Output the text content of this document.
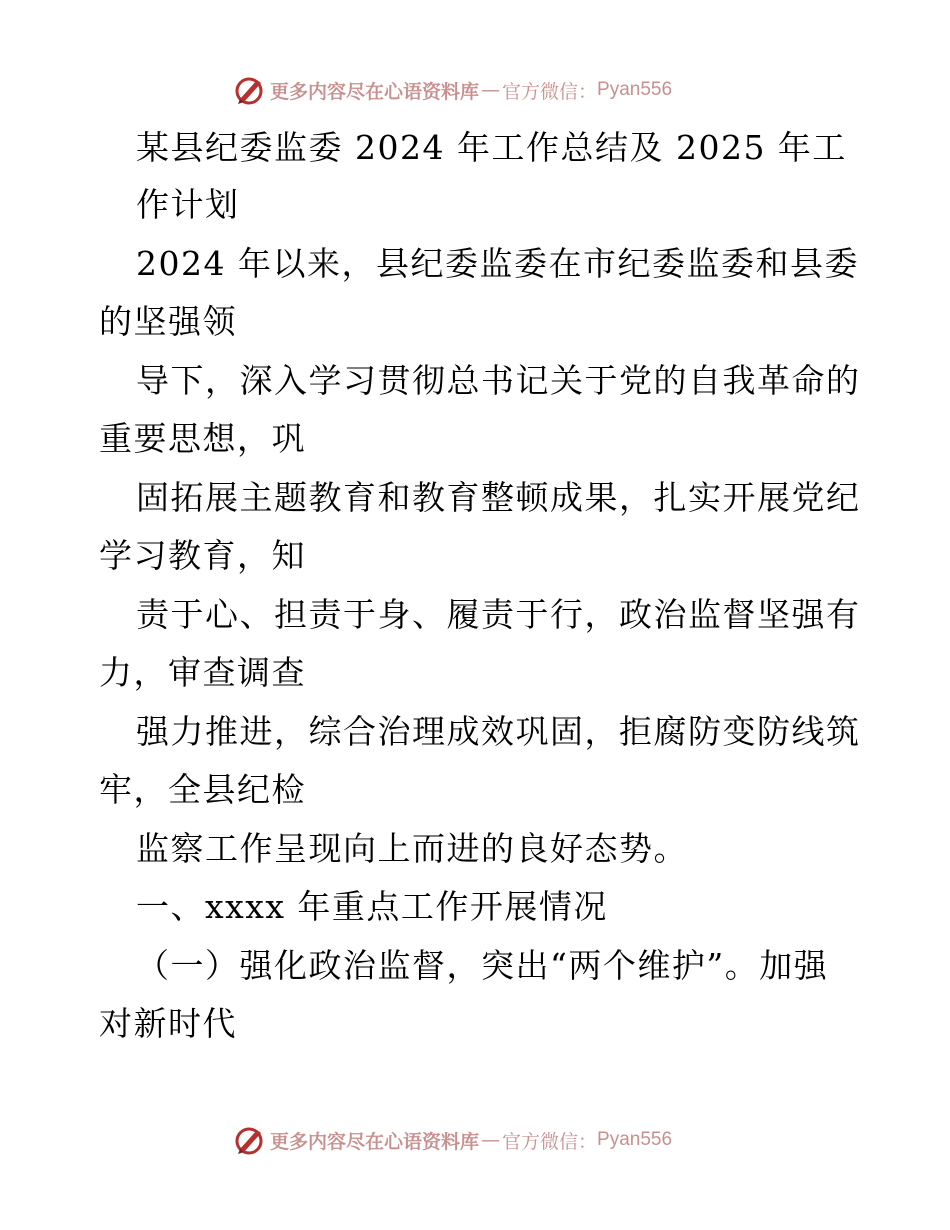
更多内容尽在心语资料库 — 官方微信： Pyan556
某县纪委监委 2024 年工作总结及 2025 年工
作计划
2024 年以来，县纪委监委在市纪委监委和县委
的坚强领
导下，深入学习贯彻总书记关于党的自我革命的
重要思想，巩
固拓展主题教育和教育整顿成果，扎实开展党纪
学习教育，知
责于心、担责于身、履责于行，政治监督坚强有
力，审查调查
强力推进，综合治理成效巩固，拒腐防变防线筑
牢，全县纪检
监察工作呈现向上而进的良好态势。
一、xxxx 年重点工作开展情况
（一）强化政治监督，突出“两个维护”。加强
对新时代
更多内容尽在心语资料库 — 官方微信： Pyan556
